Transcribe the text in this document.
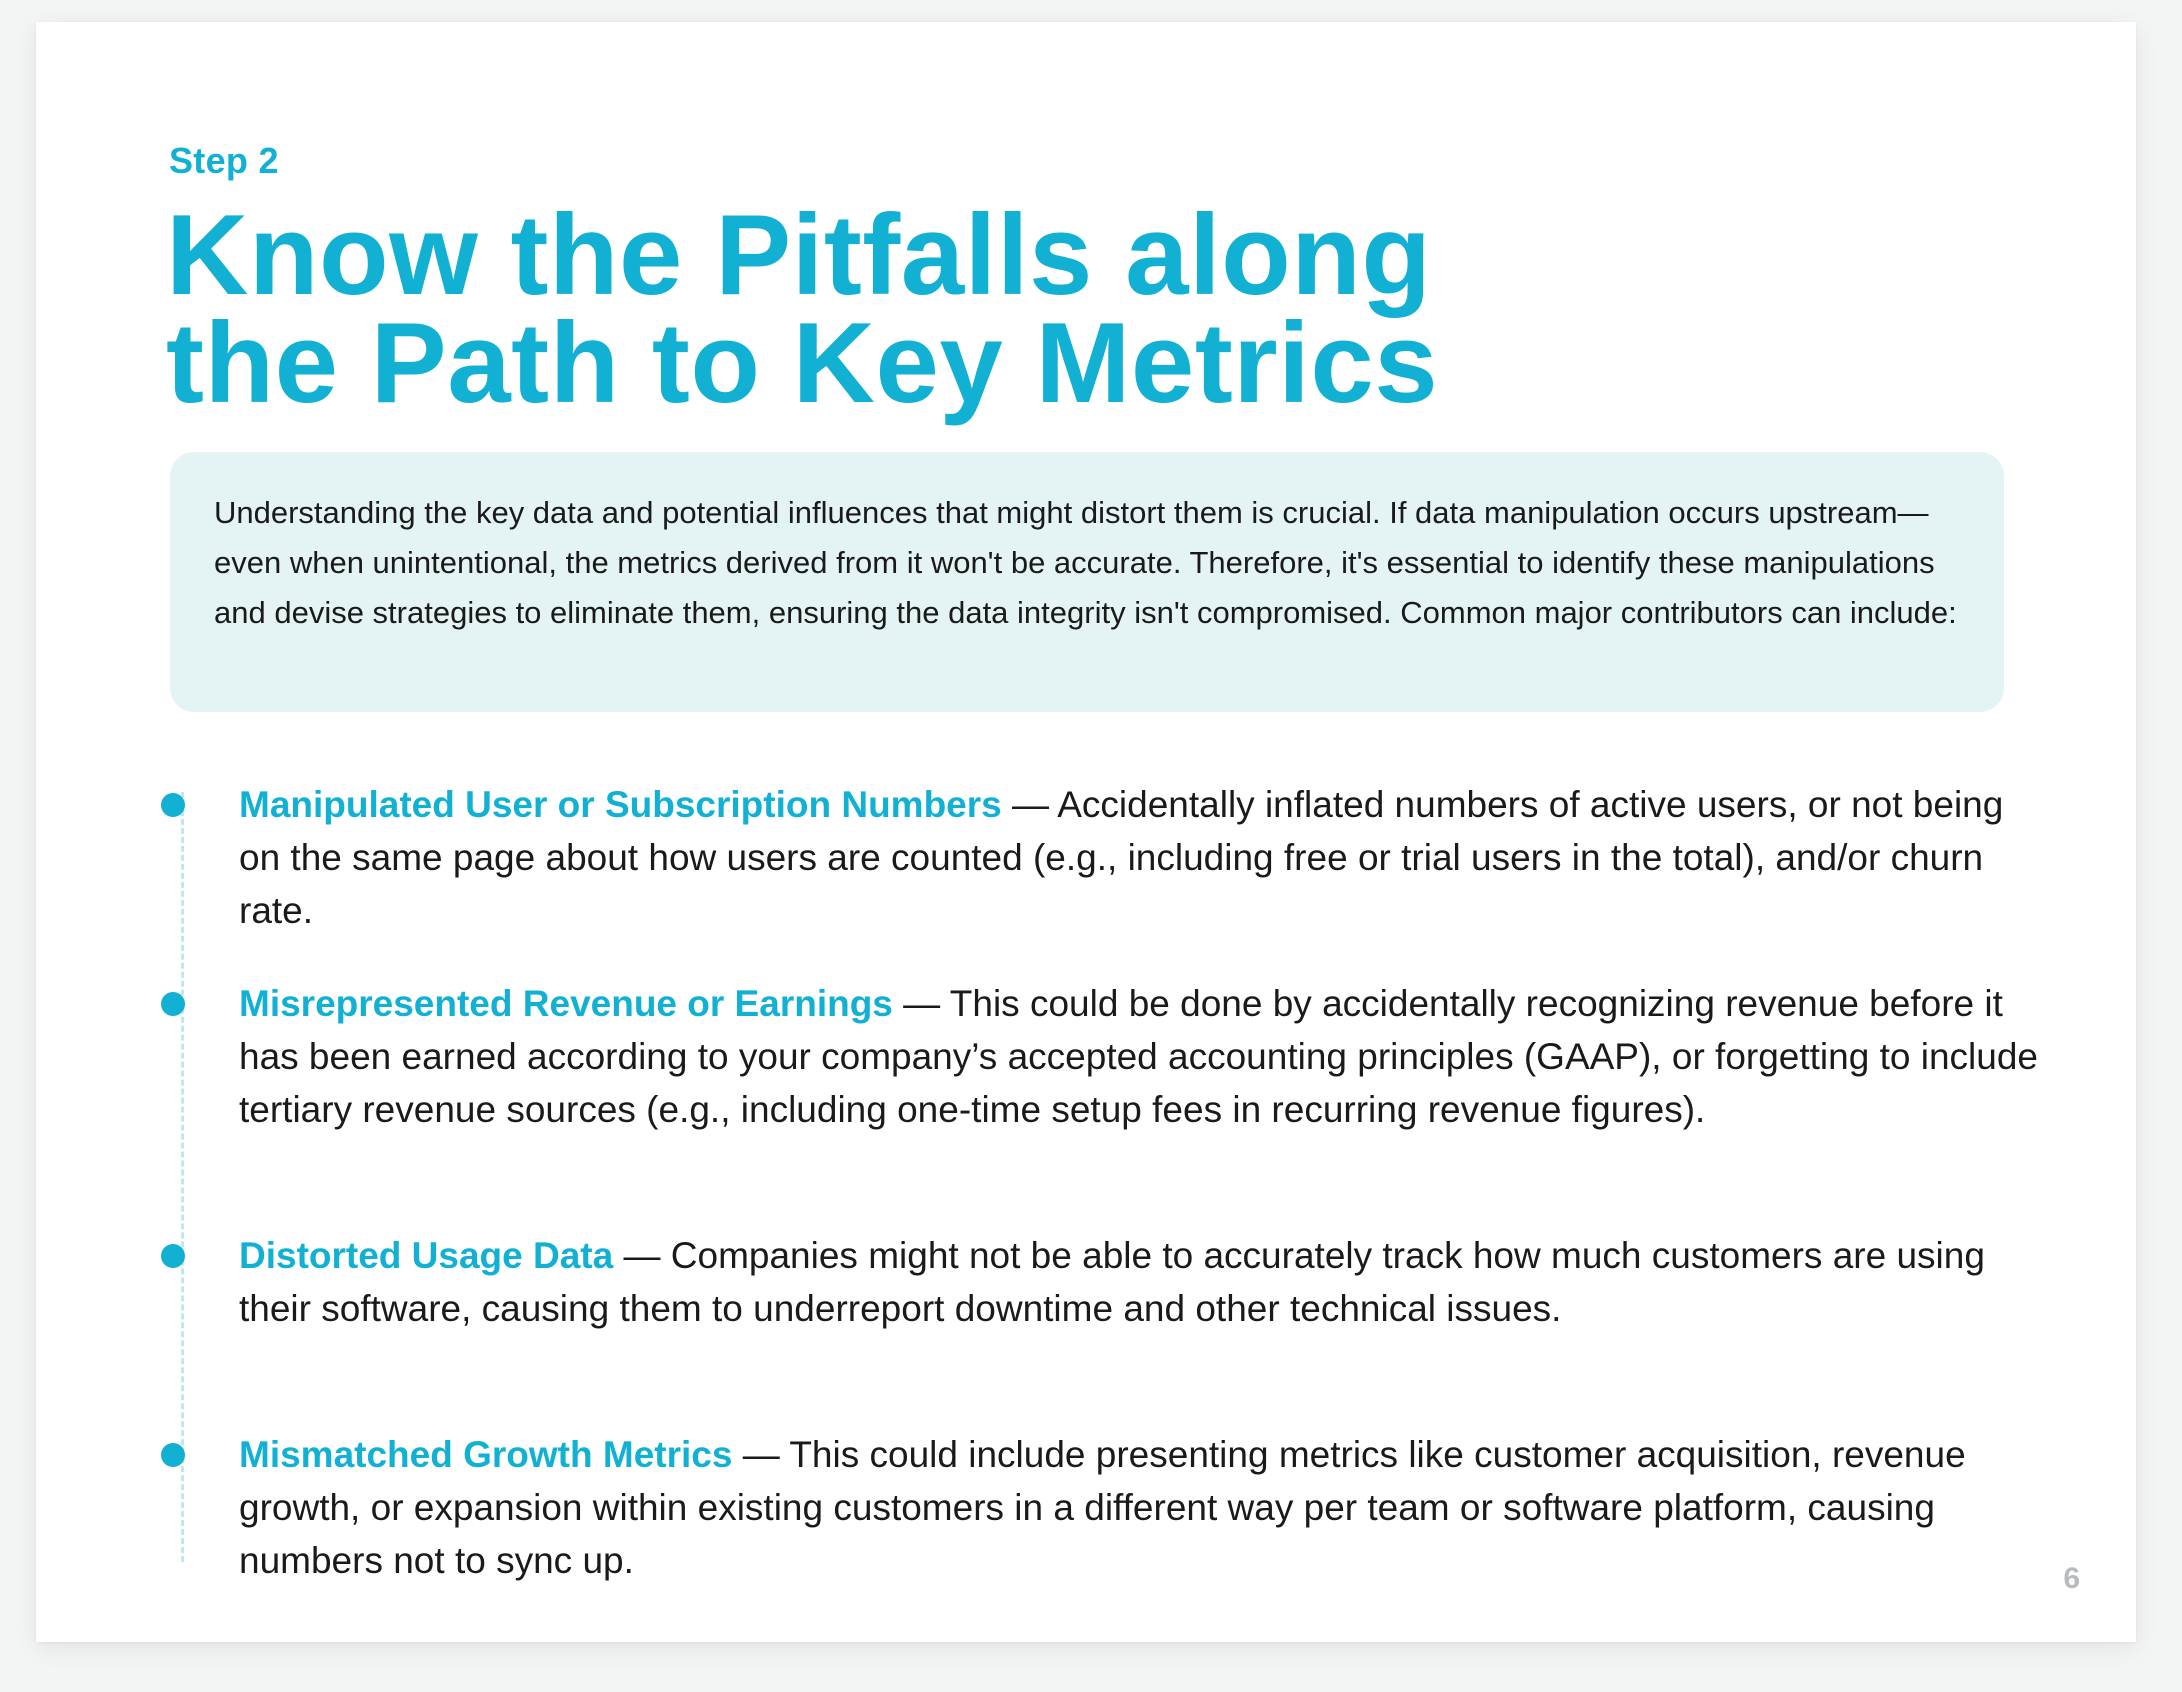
Step 2
Know the Pitfalls along
the Path to Key Metrics

Understanding the key data and potential influences that might distort them is crucial. If data manipulation occurs upstream—even when unintentional, the metrics derived from it won't be accurate. Therefore, it's essential to identify these manipulations and devise strategies to eliminate them, ensuring the data integrity isn't compromised. Common major contributors can include:

Manipulated User or Subscription Numbers — Accidentally inflated numbers of active users, or not being on the same page about how users are counted (e.g., including free or trial users in the total), and/or churn rate.
Misrepresented Revenue or Earnings — This could be done by accidentally recognizing revenue before it has been earned according to your company’s accepted accounting principles (GAAP), or forgetting to include tertiary revenue sources (e.g., including one-time setup fees in recurring revenue figures).
Distorted Usage Data — Companies might not be able to accurately track how much customers are using their software, causing them to underreport downtime and other technical issues.
Mismatched Growth Metrics — This could include presenting metrics like customer acquisition, revenue growth, or expansion within existing customers in a different way per team or software platform, causing numbers not to sync up.	6
